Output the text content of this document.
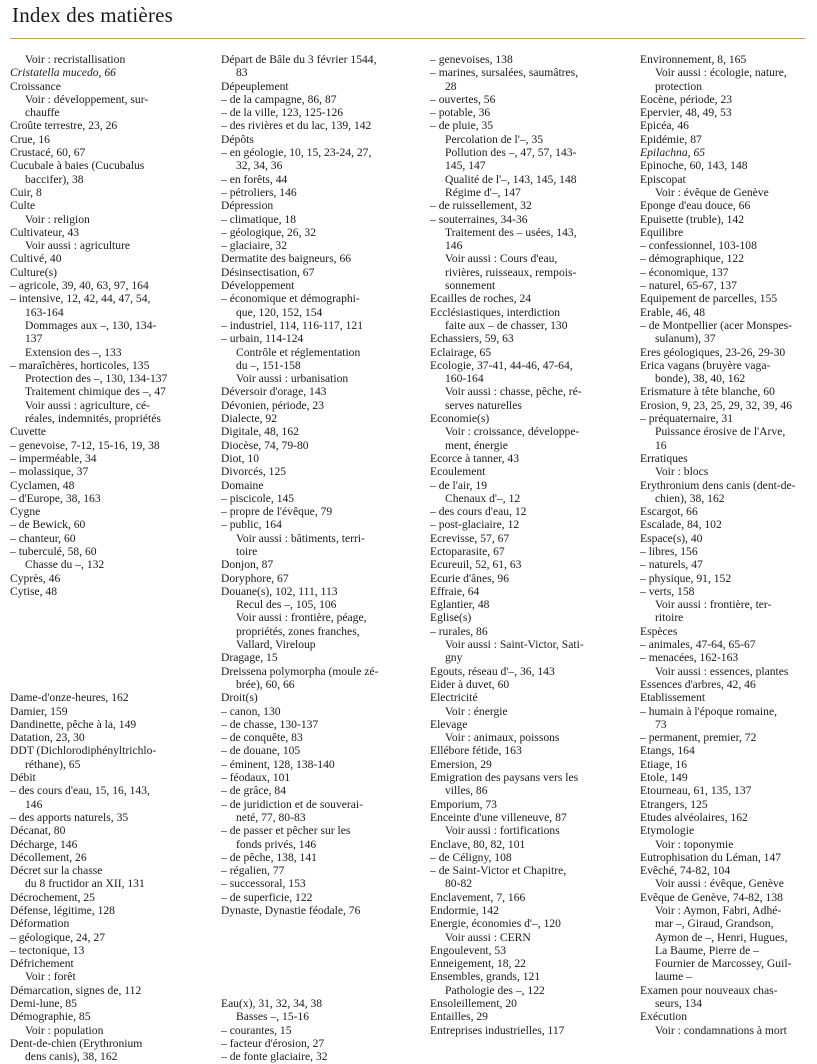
Index des matières
Voir : recristallisation
Cristatella mucedo, 66
Croissance
Voir : développement, sur-
chauffe
Croûte terrestre, 23, 26
Crue, 16
Crustacé, 60, 67
Cucubale à baies (Cucubalus
baccifer), 38
Cuir, 8
Culte
Voir : religion
Cultivateur, 43
Voir aussi : agriculture
Cultivé, 40
Culture(s)
– agricole, 39, 40, 63, 97, 164
– intensive, 12, 42, 44, 47, 54,
163-164
Dommages aux –, 130, 134-
137
Extension des –, 133
– maraîchères, horticoles, 135
Protection des –, 130, 134-137
Traitement chimique des –, 47
Voir aussi : agriculture, cé-
réales, indemnités, propriétés
Cuvette
– genevoise, 7-12, 15-16, 19, 38
– imperméable, 34
– molassique, 37
Cyclamen, 48
– d'Europe, 38, 163
Cygne
– de Bewick, 60
– chanteur, 60
– tuberculé, 58, 60
Chasse du –, 132
Cyprès, 46
Cytise, 48
Dame-d'onze-heures, 162
Damier, 159
Dandinette, pêche à la, 149
Datation, 23, 30
DDT (Dichlorodiphényltrichlo-
réthane), 65
Débit
– des cours d'eau, 15, 16, 143,
146
– des apports naturels, 35
Décanat, 80
Décharge, 146
Décollement, 26
Décret sur la chasse
du 8 fructidor an XII, 131
Décrochement, 25
Défense, légitime, 128
Déformation
– géologique, 24, 27
– tectonique, 13
Défrichement
Voir : forêt
Démarcation, signes de, 112
Demi-lune, 85
Démographie, 85
Voir : population
Dent-de-chien (Erythronium
dens canis), 38, 162
Départ de Bâle du 3 février 1544,
83
Dépeuplement
– de la campagne, 86, 87
– de la ville, 123, 125-126
– des rivières et du lac, 139, 142
Dépôts
– en géologie, 10, 15, 23-24, 27,
32, 34, 36
– en forêts, 44
– pétroliers, 146
Dépression
– climatique, 18
– géologique, 26, 32
– glaciaire, 32
Dermatite des baigneurs, 66
Désinsectisation, 67
Développement
– économique et démographi-
que, 120, 152, 154
– industriel, 114, 116-117, 121
– urbain, 114-124
Contrôle et réglementation
du –, 151-158
Voir aussi : urbanisation
Déversoir d'orage, 143
Dévonien, période, 23
Dialecte, 92
Digitale, 48, 162
Diocèse, 74, 79-80
Diot, 10
Divorcés, 125
Domaine
– piscicole, 145
– propre de l'évêque, 79
– public, 164
Voir aussi : bâtiments, terri-
toire
Donjon, 87
Doryphore, 67
Douane(s), 102, 111, 113
Recul des –, 105, 106
Voir aussi : frontière, péage,
propriétés, zones franches,
Vallard, Vireloup
Dragage, 15
Dreissena polymorpha (moule zé-
brée), 60, 66
Droit(s)
– canon, 130
– de chasse, 130-137
– de conquête, 83
– de douane, 105
– éminent, 128, 138-140
– féodaux, 101
– de grâce, 84
– de juridiction et de souverai-
neté, 77, 80-83
– de passer et pêcher sur les
fonds privés, 146
– de pêche, 138, 141
– régalien, 77
– successoral, 153
– de superficie, 122
Dynaste, Dynastie féodale, 76
Eau(x), 31, 32, 34, 38
Basses –, 15-16
– courantes, 15
– facteur d'érosion, 27
– de fonte glaciaire, 32
– genevoises, 138
– marines, sursalées, saumâtres,
28
– ouvertes, 56
– potable, 36
– de pluie, 35
Percolation de l'–, 35
Pollution des –, 47, 57, 143-
145, 147
Qualité de l'–, 143, 145, 148
Régime d'–, 147
– de ruissellement, 32
– souterraines, 34-36
Traitement des – usées, 143,
146
Voir aussi : Cours d'eau,
rivières, ruisseaux, rempois-
sonnement
Ecailles de roches, 24
Ecclésiastiques, interdiction
faite aux – de chasser, 130
Echassiers, 59, 63
Eclairage, 65
Ecologie, 37-41, 44-46, 47-64,
160-164
Voir aussi : chasse, pêche, ré-
serves naturelles
Economie(s)
Voir : croissance, développe-
ment, énergie
Ecorce à tanner, 43
Ecoulement
– de l'air, 19
Chenaux d'–, 12
– des cours d'eau, 12
– post-glaciaire, 12
Ecrevisse, 57, 67
Ectoparasite, 67
Ecureuil, 52, 61, 63
Ecurie d'ânes, 96
Effraie, 64
Eglantier, 48
Eglise(s)
– rurales, 86
Voir aussi : Saint-Victor, Sati-
gny
Egouts, réseau d'–, 36, 143
Eider à duvet, 60
Electricité
Voir : énergie
Elevage
Voir : animaux, poissons
Ellébore fétide, 163
Emersion, 29
Emigration des paysans vers les
villes, 86
Emporium, 73
Enceinte d'une villeneuve, 87
Voir aussi : fortifications
Enclave, 80, 82, 101
– de Céligny, 108
– de Saint-Victor et Chapitre,
80-82
Enclavement, 7, 166
Endormie, 142
Energie, économies d'–, 120
Voir aussi : CERN
Engoulevent, 53
Enneigement, 18, 22
Ensembles, grands, 121
Pathologie des –, 122
Ensoleillement, 20
Entailles, 29
Entreprises industrielles, 117
Environnement, 8, 165
Voir aussi : écologie, nature,
protection
Eocène, période, 23
Epervier, 48, 49, 53
Epicéa, 46
Epidémie, 87
Epilachna, 65
Epinoche, 60, 143, 148
Episcopat
Voir : évêque de Genève
Eponge d'eau douce, 66
Epuisette (truble), 142
Equilibre
– confessionnel, 103-108
– démographique, 122
– économique, 137
– naturel, 65-67, 137
Equipement de parcelles, 155
Erable, 46, 48
– de Montpellier (acer Monspes-
sulanum), 37
Eres géologiques, 23-26, 29-30
Erica vagans (bruyère vaga-
bonde), 38, 40, 162
Erismature à tête blanche, 60
Erosion, 9, 23, 25, 29, 32, 39, 46
– préquaternaire, 31
Puissance érosive de l'Arve,
16
Erratiques
Voir : blocs
Erythronium dens canis (dent-de-
chien), 38, 162
Escargot, 66
Escalade, 84, 102
Espace(s), 40
– libres, 156
– naturels, 47
– physique, 91, 152
– verts, 158
Voir aussi : frontière, ter-
ritoire
Espèces
– animales, 47-64, 65-67
– menacées, 162-163
Voir aussi : essences, plantes
Essences d'arbres, 42, 46
Etablissement
– humain à l'époque romaine,
73
– permanent, premier, 72
Etangs, 164
Etiage, 16
Etole, 149
Etourneau, 61, 135, 137
Etrangers, 125
Etudes alvéolaires, 162
Etymologie
Voir : toponymie
Eutrophisation du Léman, 147
Evêché, 74-82, 104
Voir aussi : évêque, Genève
Evêque de Genève, 74-82, 138
Voir : Aymon, Fabri, Adhé-
mar –, Giraud, Grandson,
Aymon de –, Henri, Hugues,
La Baume, Pierre de –
Fournier de Marcossey, Guil-
laume –
Examen pour nouveaux chas-
seurs, 134
Exécution
Voir : condamnations à mort
